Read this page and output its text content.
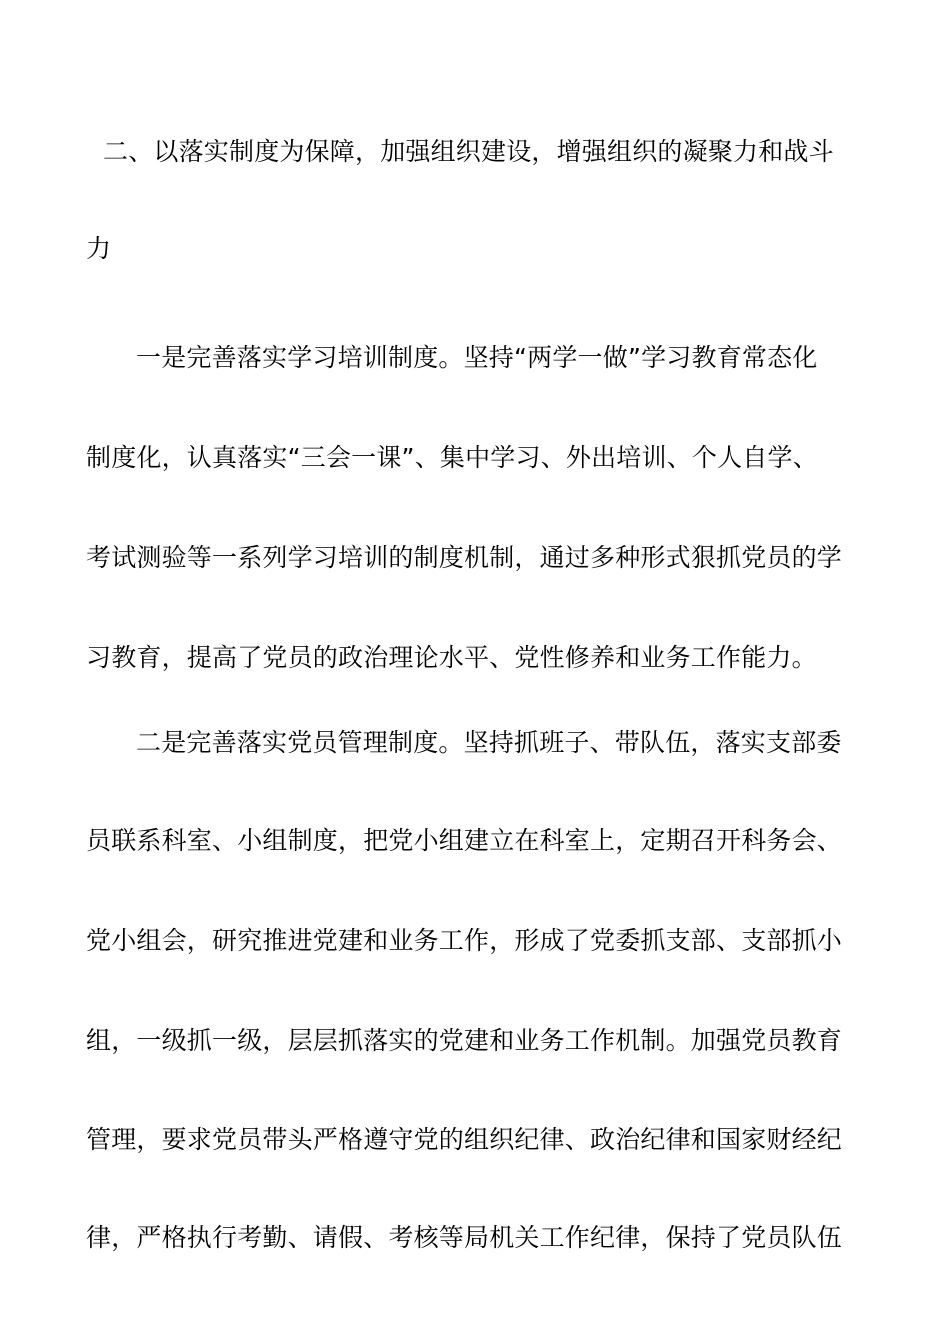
二、以落实制度为保障，加强组织建设，增强组织的凝聚力和战斗
力
一是完善落实学习培训制度。坚持“两学一做”学习教育常态化
制度化，认真落实“三会一课”、集中学习、外出培训、个人自学、
考试测验等一系列学习培训的制度机制，通过多种形式狠抓党员的学
习教育，提高了党员的政治理论水平、党性修养和业务工作能力。
二是完善落实党员管理制度。坚持抓班子、带队伍，落实支部委
员联系科室、小组制度，把党小组建立在科室上，定期召开科务会、
党小组会，研究推进党建和业务工作，形成了党委抓支部、支部抓小
组，一级抓一级，层层抓落实的党建和业务工作机制。加强党员教育
管理，要求党员带头严格遵守党的组织纪律、政治纪律和国家财经纪
律，严格执行考勤、请假、考核等局机关工作纪律，保持了党员队伍
